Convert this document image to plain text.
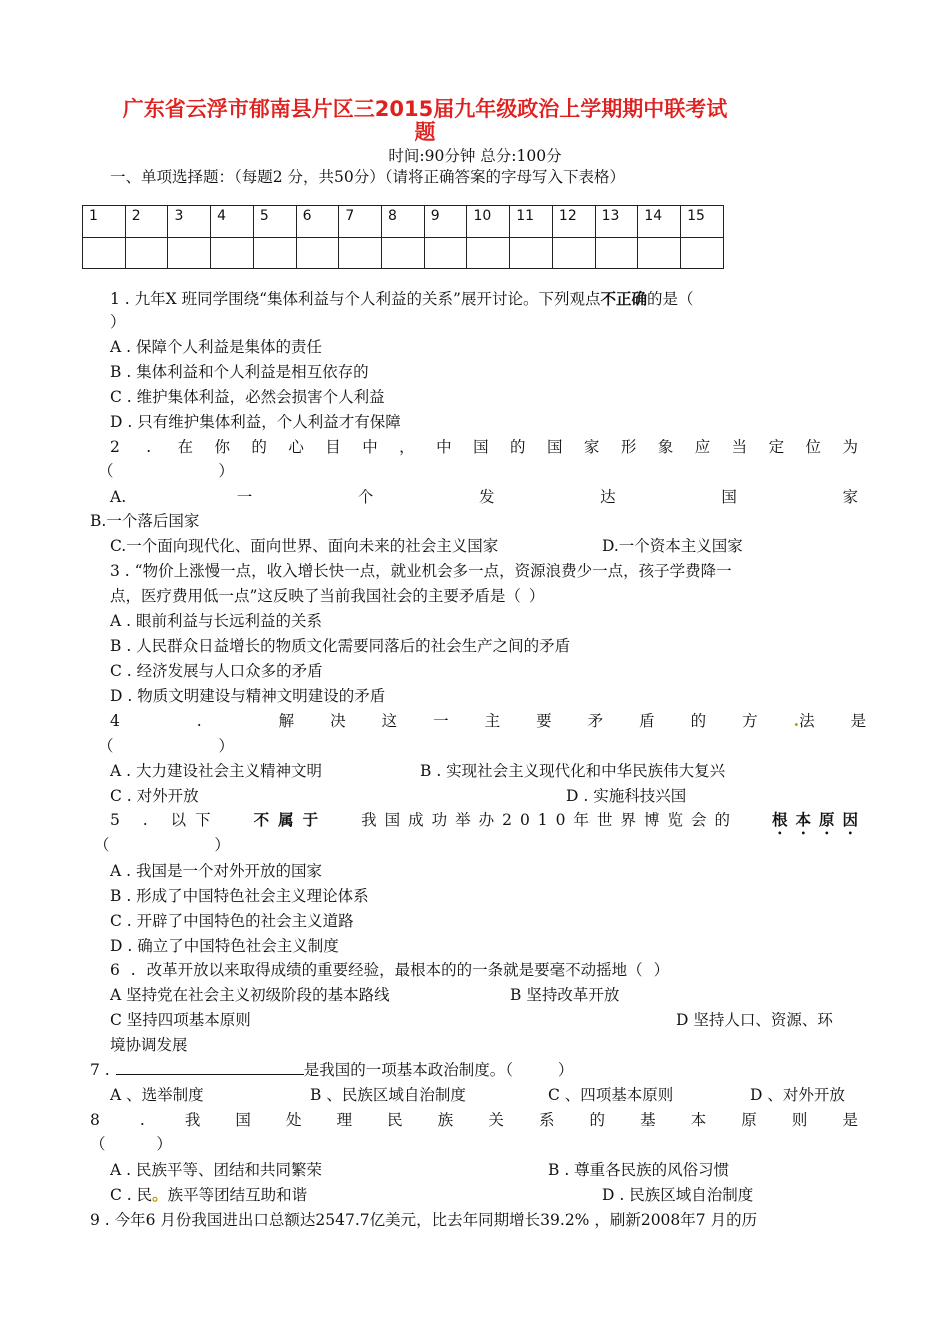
广东省云浮市郁南县片区三2015届九年级政治上学期期中联考试
题
时间:90分钟 总分:100分
一、单项选择题：（每题2 分，共50分）（请将正确答案的字母写入下表格）
1	2	3	4	5	6	7	8	9	10	11	12	13	14	15

1 . 九年X 班同学围绕“集体利益与个人利益的关系”展开讨论。下列观点不正确的是（
）
A . 保障个人利益是集体的责任
B . 集体利益和个人利益是相互依存的
C . 维护集体利益，必然会损害个人利益
D . 只有维护集体利益，个人利益才有保障
2 . 在你的心目中，中国的国家形象应当定位为
（ ）
A. 一个发达国家
B.一个落后国家
C.一个面向现代化、面向世界、面向未来的社会主义国家	D.一个资本主义国家
3 . “物价上涨慢一点，收入增长快一点，就业机会多一点，资源浪费少一点，孩子学费降一
点，医疗费用低一点”这反映了当前我国社会的主要矛盾是（ ）
A . 眼前利益与长远利益的关系
B . 人民群众日益增长的物质文化需要同落后的社会生产之间的矛盾
C . 经济发展与人口众多的矛盾
D . 物质文明建设与精神文明建设的矛盾
4 . 解决这一主要矛盾的方 . 法是
（ ）
A . 大力建设社会主义精神文明	B . 实现社会主义现代化和中华民族伟大复兴
C . 对外开放	D . 实施科技兴国
5 . 以下 不属于 我国成功举办2010年世界博览会的 根本原因
（ ）
A . 我国是一个对外开放的国家
B . 形成了中国特色社会主义理论体系
C . 开辟了中国特色的社会主义道路
D . 确立了中国特色社会主义制度
6 . 改革开放以来取得成绩的重要经验，最根本的的一条就是要毫不动摇地（ ）
A 坚持党在社会主义初级阶段的基本路线	B 坚持改革开放
C 坚持四项基本原则	D 坚持人口、资源、环
境协调发展
7 .	是我国的一项基本政治制度。（ ）
A 、选举制度	B 、民族区域自治制度	C 、四项基本原则	D 、对外开放
8 . 我国处理民族关系的基本原则是
（ ）
A . 民族平等、团结和共同繁荣	B . 尊重各民族的风俗习惯
C . 民。族平等团结互助和谐	D . 民族区域自治制度
9 . 今年6 月份我国进出口总额达2547.7亿美元，比去年同期增长39.2% ，刷新2008年7 月的历
